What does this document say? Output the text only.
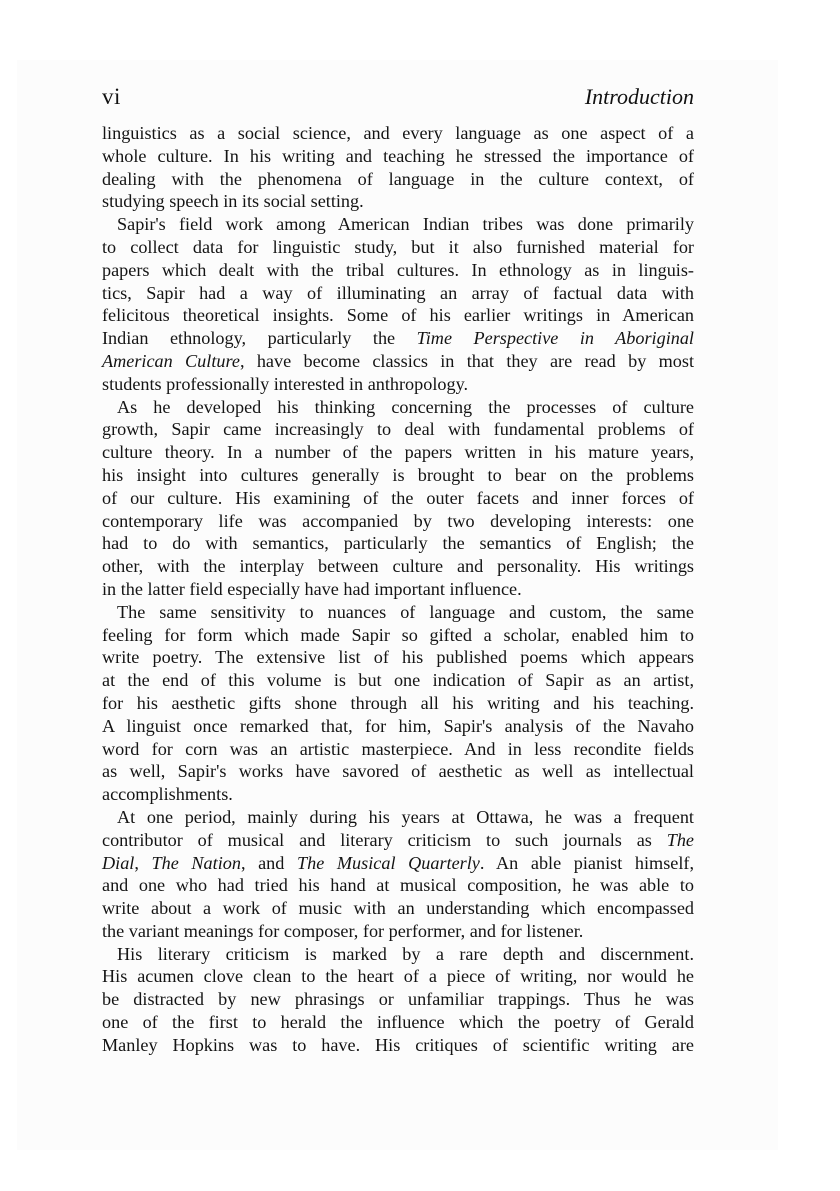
vi	Introduction
linguistics as a social science, and every language as one aspect of a
whole culture. In his writing and teaching he stressed the importance of
dealing with the phenomena of language in the culture context, of
studying speech in its social setting.
Sapir's field work among American Indian tribes was done primarily
to collect data for linguistic study, but it also furnished material for
papers which dealt with the tribal cultures. In ethnology as in linguis-
tics, Sapir had a way of illuminating an array of factual data with
felicitous theoretical insights. Some of his earlier writings in American
Indian ethnology, particularly the Time Perspective in Aboriginal
American Culture, have become classics in that they are read by most
students professionally interested in anthropology.
As he developed his thinking concerning the processes of culture
growth, Sapir came increasingly to deal with fundamental problems of
culture theory. In a number of the papers written in his mature years,
his insight into cultures generally is brought to bear on the problems
of our culture. His examining of the outer facets and inner forces of
contemporary life was accompanied by two developing interests: one
had to do with semantics, particularly the semantics of English; the
other, with the interplay between culture and personality. His writings
in the latter field especially have had important influence.
The same sensitivity to nuances of language and custom, the same
feeling for form which made Sapir so gifted a scholar, enabled him to
write poetry. The extensive list of his published poems which appears
at the end of this volume is but one indication of Sapir as an artist,
for his aesthetic gifts shone through all his writing and his teaching.
A linguist once remarked that, for him, Sapir's analysis of the Navaho
word for corn was an artistic masterpiece. And in less recondite fields
as well, Sapir's works have savored of aesthetic as well as intellectual
accomplishments.
At one period, mainly during his years at Ottawa, he was a frequent
contributor of musical and literary criticism to such journals as The
Dial, The Nation, and The Musical Quarterly. An able pianist himself,
and one who had tried his hand at musical composition, he was able to
write about a work of music with an understanding which encompassed
the variant meanings for composer, for performer, and for listener.
His literary criticism is marked by a rare depth and discernment.
His acumen clove clean to the heart of a piece of writing, nor would he
be distracted by new phrasings or unfamiliar trappings. Thus he was
one of the first to herald the influence which the poetry of Gerald
Manley Hopkins was to have. His critiques of scientific writing are
